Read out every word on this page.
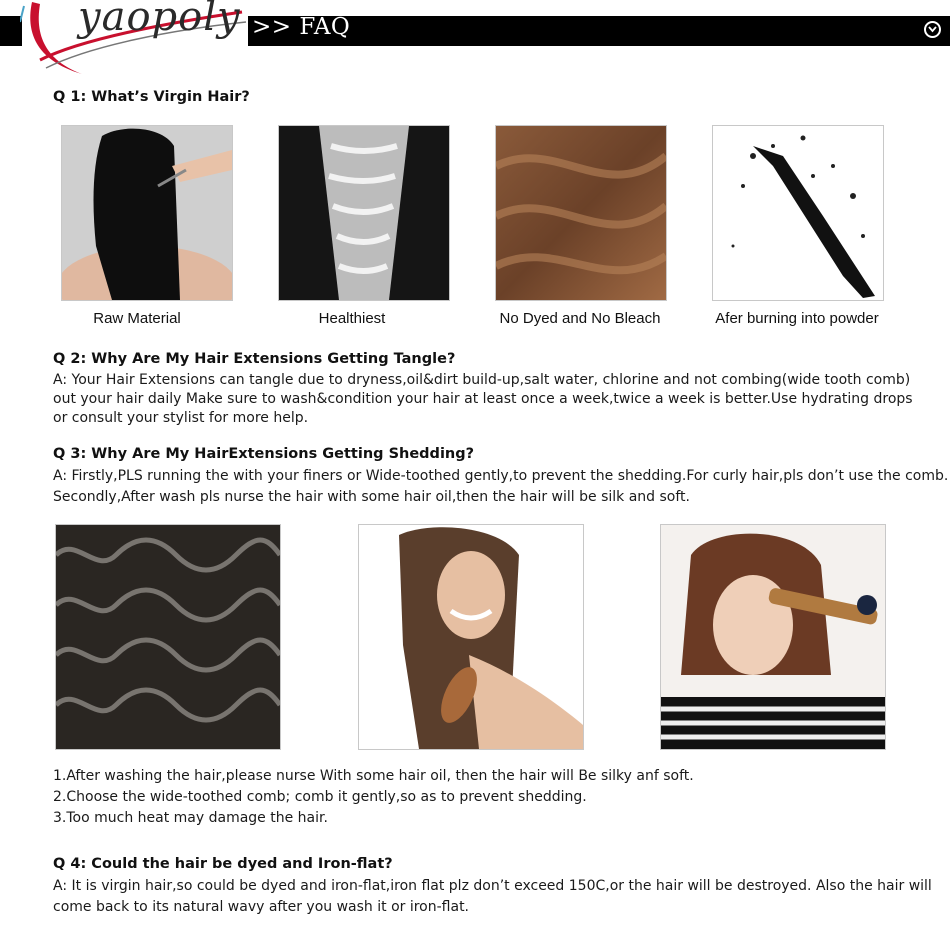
>> FAQ
yaopoly
Q 1: What’s Virgin Hair?
Raw Material	Healthiest	No Dyed and No Bleach	Afer burning into powder
Q 2: Why Are My Hair Extensions Getting Tangle?
A: Your Hair Extensions can tangle due to dryness,oil&dirt build-up,salt water, chlorine and not combing(wide tooth comb)
out your hair daily Make sure to wash&condition your hair at least once a week,twice a week is better.Use hydrating drops
or consult your stylist for more help.
Q 3: Why Are My HairExtensions Getting Shedding?
A: Firstly,PLS running the with your finers or Wide-toothed gently,to prevent the shedding.For curly hair,pls don’t use the comb.
Secondly,After wash pls nurse the hair with some hair oil,then the hair will be silk and soft.
1.After washing the hair,please nurse With some hair oil, then the hair will Be silky anf soft.
2.Choose the wide-toothed comb; comb it gently,so as to prevent shedding.
3.Too much heat may damage the hair.
Q 4: Could the hair be dyed and Iron-flat?
A: It is virgin hair,so could be dyed and iron-flat,iron flat plz don’t exceed 150C,or the hair will be destroyed. Also the hair will
come back to its natural wavy after you wash it or iron-flat.
